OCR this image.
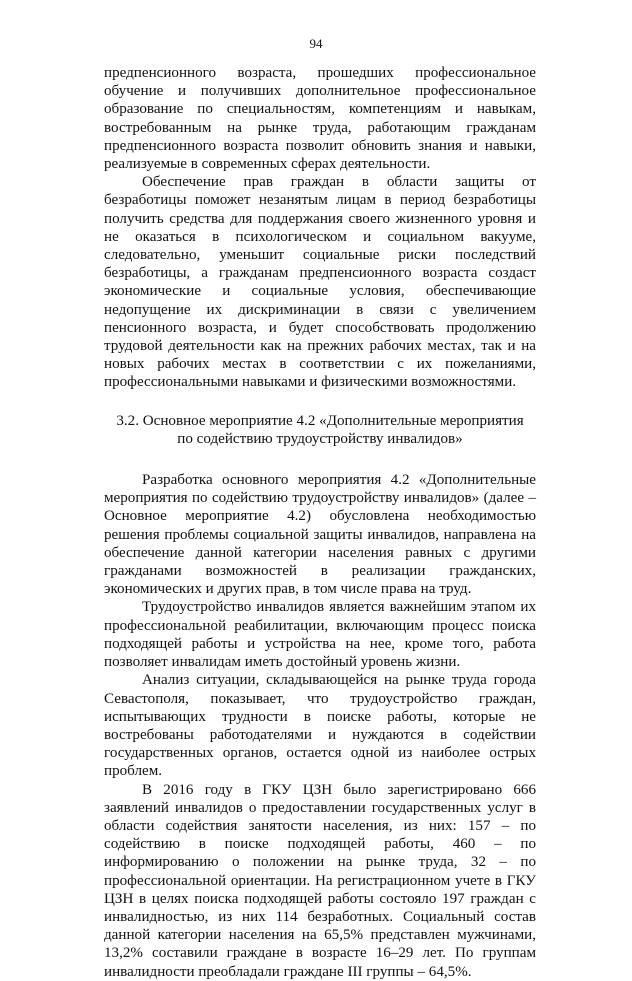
94

предпенсионного возраста, прошедших профессиональное обучение и получивших дополнительное профессиональное образование по специальностям, компетенциям и навыкам, востребованным на рынке труда, работающим гражданам предпенсионного возраста позволит обновить знания и навыки, реализуемые в современных сферах деятельности.

Обеспечение прав граждан в области защиты от безработицы поможет незанятым лицам в период безработицы получить средства для поддержания своего жизненного уровня и не оказаться в психологическом и социальном вакууме, следовательно, уменьшит социальные риски последствий безработицы, а гражданам предпенсионного возраста создаст экономические и социальные условия, обеспечивающие недопущение их дискриминации в связи с увеличением пенсионного возраста, и будет способствовать продолжению трудовой деятельности как на прежних рабочих местах, так и на новых рабочих местах в соответствии с их пожеланиями, профессиональными навыками и физическими возможностями.

3.2. Основное мероприятие 4.2 «Дополнительные мероприятия
по содействию трудоустройству инвалидов»

Разработка основного мероприятия 4.2 «Дополнительные мероприятия по содействию трудоустройству инвалидов» (далее – Основное мероприятие 4.2) обусловлена необходимостью решения проблемы социальной защиты инвалидов, направлена на обеспечение данной категории населения равных с другими гражданами возможностей в реализации гражданских, экономических и других прав, в том числе права на труд.

Трудоустройство инвалидов является важнейшим этапом их профессиональной реабилитации, включающим процесс поиска подходящей работы и устройства на нее, кроме того, работа позволяет инвалидам иметь достойный уровень жизни.

Анализ ситуации, складывающейся на рынке труда города Севастополя, показывает, что трудоустройство граждан, испытывающих трудности в поиске работы, которые не востребованы работодателями и нуждаются в содействии государственных органов, остается одной из наиболее острых проблем.

В 2016 году в ГКУ ЦЗН было зарегистрировано 666 заявлений инвалидов о предоставлении государственных услуг в области содействия занятости населения, из них: 157 – по содействию в поиске подходящей работы, 460 – по информированию о положении на рынке труда, 32 – по профессиональной ориентации. На регистрационном учете в ГКУ ЦЗН в целях поиска подходящей работы состояло 197 граждан с инвалидностью, из них 114 безработных. Социальный состав данной категории населения на 65,5% представлен мужчинами, 13,2% составили граждане в возрасте 16–29 лет. По группам инвалидности преобладали граждане III группы – 64,5%.
